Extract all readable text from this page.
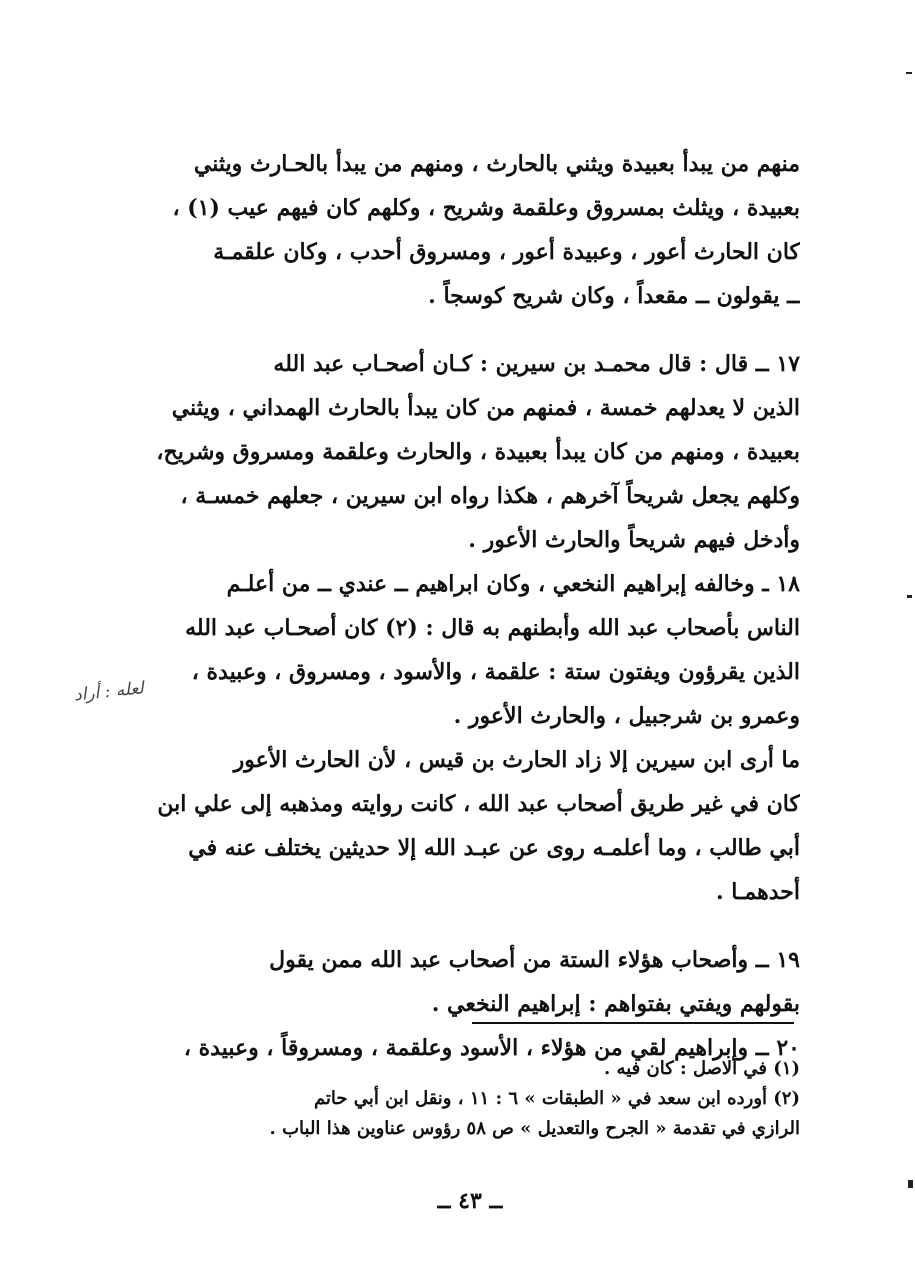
منهم من يبدأ بعبيدة ويثني بالحارث ، ومنهم من يبدأ بالحـارث ويثني
بعبيدة ، ويثلث بمسروق وعلقمة وشريح ، وكلهم كان فيهم عيب (١) ،
كان الحارث أعور ، وعبيدة أعور ، ومسروق أحدب ، وكان علقمـة
ــ يقولون ــ مقعداً ، وكان شريح كوسجاً .
١٧ ــ قال : قال محمـد بن سيرين : كـان أصحـاب عبد الله
الذين لا يعدلهم خمسة ، فمنهم من كان يبدأ بالحارث الهمداني ، ويثني
بعبيدة ، ومنهم من كان يبدأ بعبيدة ، والحارث وعلقمة ومسروق وشريح،
وكلهم يجعل شريحاً آخرهم ، هكذا رواه ابن سيرين ، جعلهم خمسـة ،
وأدخل فيهم شريحاً والحارث الأعور .
١٨ ـ وخالفه إبراهيم النخعي ، وكان ابراهيم ــ عندي ــ من أعلـم
الناس بأصحاب عبد الله وأبطنهم به قال : (٢) كان أصحـاب عبد الله
الذين يقرؤون ويفتون ستة : علقمة ، والأسود ، ومسروق ، وعبيدة ،
وعمرو بن شرجبيل ، والحارث الأعور .
ما أرى ابن سيرين إلا زاد الحارث بن قيس ، لأن الحارث الأعور
كان في غير طريق أصحاب عبد الله ، كانت روايته ومذهبه إلى علي ابن
أبي طالب ، وما أعلمـه روى عن عبـد الله إلا حديثين يختلف عنه في
أحدهمـا .
١٩ ــ وأصحاب هؤلاء الستة من أصحاب عبد الله ممن يقول
بقولهم ويفتي بفتواهم : إبراهيم النخعي .
٢٠ ــ وإبراهيم لقي من هؤلاء ، الأسود وعلقمة ، ومسروقاً ، وعبيدة ،
لعله : أراد
(١) في الاصل : كان فيه .
(٢) أورده ابن سعد في « الطبقات » ٦ : ١١ ، ونقل ابن أبي حاتم
الرازي في تقدمة « الجرح والتعديل » ص ٥٨ رؤوس عناوين هذا الباب .
ــ ٤٣ ــ
